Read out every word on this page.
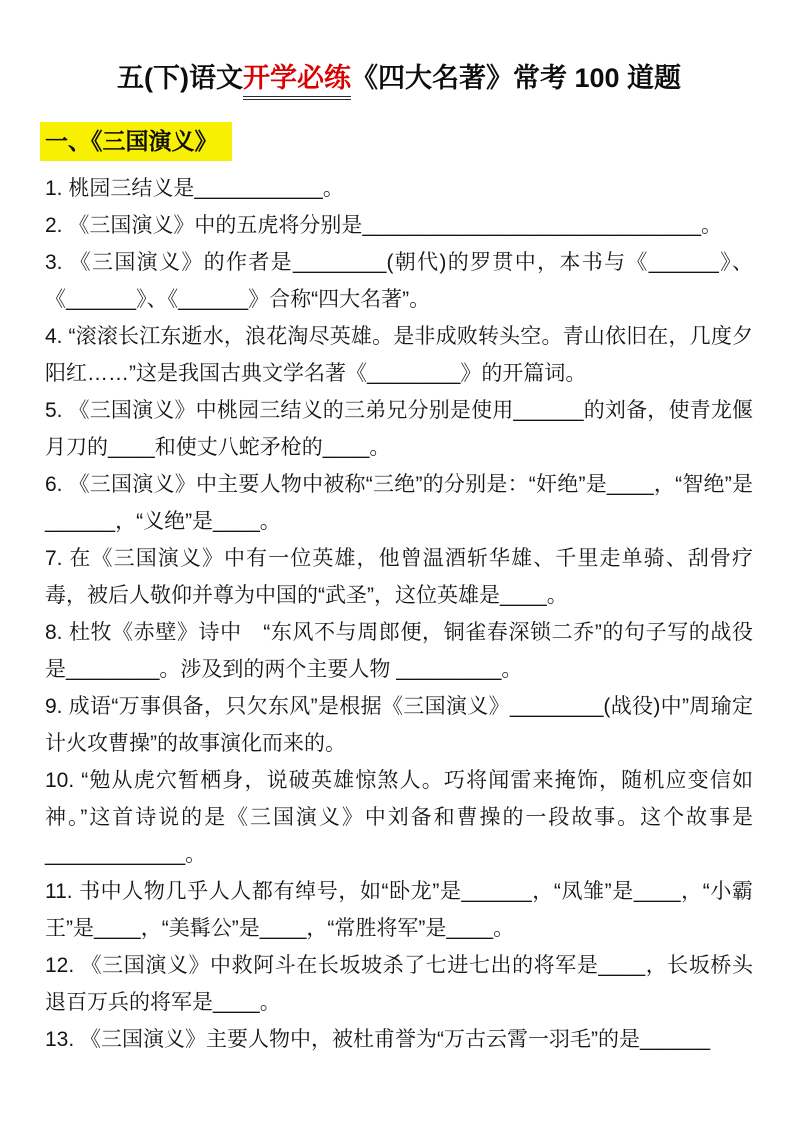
五(下)语文开学必练《四大名著》常考 100 道题
一、《三国演义》

1. 桃园三结义是___________。

2. 《三国演义》中的五虎将分别是_____________________________。

3. 《三国演义》的作者是________(朝代)的罗贯中，本书与《______》、《______》、《______》合称“四大名著”。

4. “滚滚长江东逝水，浪花淘尽英雄。是非成败转头空。青山依旧在，几度夕阳红……”这是我国古典文学名著《________》的开篇词。

5. 《三国演义》中桃园三结义的三弟兄分别是使用______的刘备，使青龙偃月刀的____和使丈八蛇矛枪的____。

6. 《三国演义》中主要人物中被称“三绝”的分别是：“奸绝”是____，“智绝”是______，“义绝”是____。

7. 在《三国演义》中有一位英雄，他曾温酒斩华雄、千里走单骑、刮骨疗毒，被后人敬仰并尊为中国的“武圣”，这位英雄是____。

8. 杜牧《赤壁》诗中　“东风不与周郎便，铜雀春深锁二乔”的句子写的战役是________。涉及到的两个主要人物 _________。

9. 成语“万事俱备，只欠东风”是根据《三国演义》________(战役)中”周瑜定计火攻曹操”的故事演化而来的。

10. “勉从虎穴暂栖身，说破英雄惊煞人。巧将闻雷来掩饰，随机应变信如神。”这首诗说的是《三国演义》中刘备和曹操的一段故事。这个故事是____________。

11. 书中人物几乎人人都有绰号，如“卧龙”是______，“凤雏”是____，“小霸王”是____，“美髯公”是____，“常胜将军”是____。

12. 《三国演义》中救阿斗在长坂坡杀了七进七出的将军是____，长坂桥头退百万兵的将军是____。

13. 《三国演义》主要人物中，被杜甫誉为“万古云霄一羽毛”的是______
